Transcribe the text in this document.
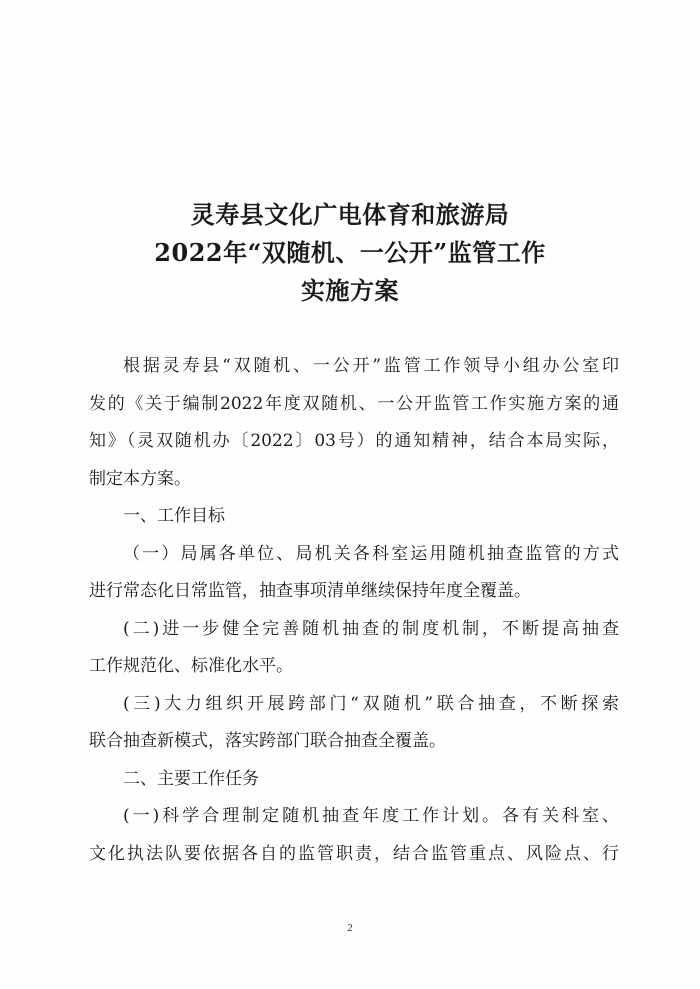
灵寿县文化广电体育和旅游局
2022年“双随机、一公开”监管工作
实施方案
根据灵寿县“双随机、一公开”监管工作领导小组办公室印
发的《关于编制2022年度双随机、一公开监管工作实施方案的通
知》（灵双随机办〔2022〕03号）的通知精神，结合本局实际，
制定本方案。
一、工作目标
（一）局属各单位、局机关各科室运用随机抽查监管的方式
进行常态化日常监管，抽查事项清单继续保持年度全覆盖。
(二)进一步健全完善随机抽查的制度机制，不断提高抽查
工作规范化、标准化水平。
(三)大力组织开展跨部门“双随机”联合抽查，不断探索
联合抽查新模式，落实跨部门联合抽查全覆盖。
二、主要工作任务
(一)科学合理制定随机抽查年度工作计划。各有关科室、
文化执法队要依据各自的监管职责，结合监管重点、风险点、行
2
